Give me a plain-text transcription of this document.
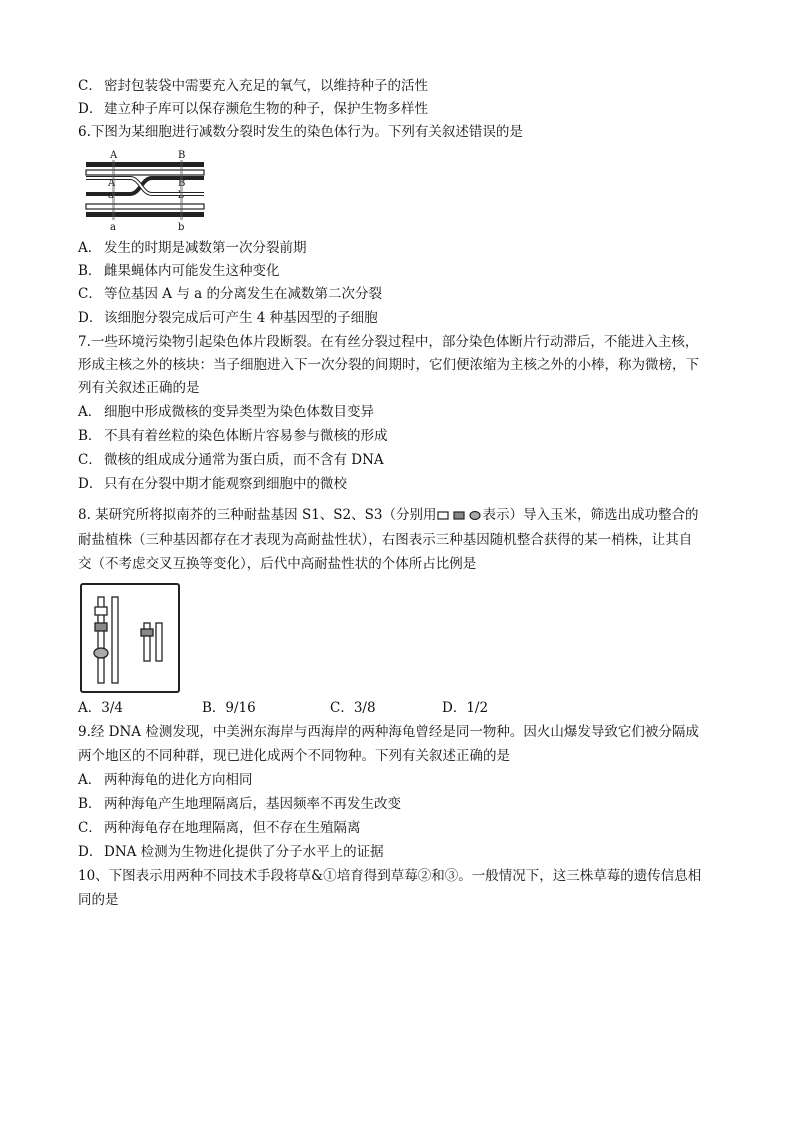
C． 密封包装袋中需要充入充足的氧气，以维持种子的活性
D． 建立种子库可以保存濒危生物的种子，保护生物多样性
6.下图为某细胞进行减数分裂时发生的染色体行为。下列有关叙述错误的是
A	B
A
a
B
b
a	b
A． 发生的时期是减数第一次分裂前期
B． 雌果蝇体内可能发生这种变化
C． 等位基因 A 与 a 的分离发生在减数第二次分裂
D． 该细胞分裂完成后可产生 4 种基因型的子细胞
7.一些环境污染物引起染色体片段断裂。在有丝分裂过程中，部分染色体断片行动滞后，不能进入主核，
形成主核之外的核块：当子细胞进入下一次分裂的间期时，它们便浓缩为主核之外的小棒，称为微榜，下
列有关叙述正确的是
A． 细胞中形成微核的变异类型为染色体数目变异
B． 不具有着丝粒的染色体断片容易参与微核的形成
C． 微核的组成成分通常为蛋白质，而不含有 DNA
D． 只有在分裂中期才能观察到细胞中的微校
8. 某研究所将拟南芥的三种耐盐基因 S1、S2、S3（分别用	表示）导入玉米，筛选出成功整合的
耐盐植株（三种基因都存在才表现为高耐盐性状），右图表示三种基因随机整合获得的某一梢株，让其自
交（不考虑交叉互换等变化），后代中高耐盐性状的个体所占比例是
A．3/4	B．9/16	C．3/8	D．1/2
9.经 DNA 检测发现，中美洲东海岸与西海岸的两种海龟曾经是同一物种。因火山爆发导致它们被分隔成
两个地区的不同种群，现已进化成两个不同物种。下列有关叙述正确的是
A． 两种海龟的进化方向相同
B． 两种海龟产生地理隔离后，基因频率不再发生改变
C． 两种海龟存在地理隔离，但不存在生殖隔离
D． DNA 检测为生物进化提供了分子水平上的证据
10、下图表示用两种不同技术手段将草&①培育得到草莓②和③。一般情况下，这三株草莓的遗传信息相
同的是
